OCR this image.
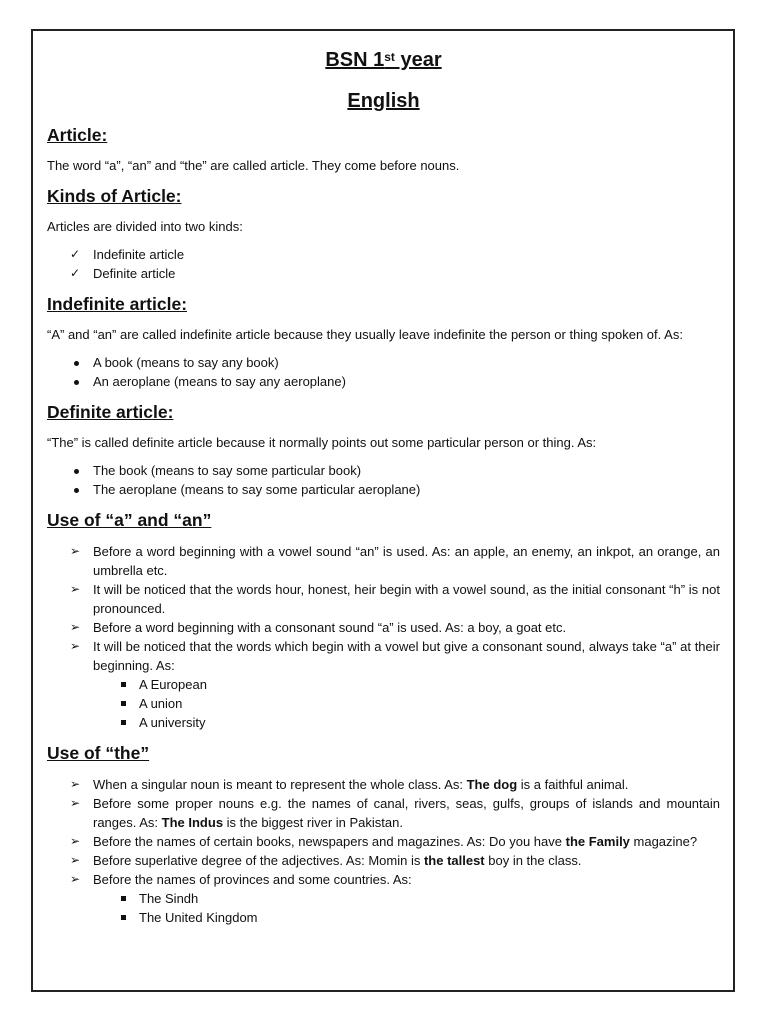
BSN 1st year
English
Article:

The word “a”, “an” and “the” are called article. They come before nouns.

Kinds of Article:

Articles are divided into two kinds:

✓ Indefinite article
✓ Definite article
Indefinite article:

“A” and “an” are called indefinite article because they usually leave indefinite the person or thing spoken of. As:

A book (means to say any book)
An aeroplane (means to say any aeroplane)
Definite article:

“The” is called definite article because it normally points out some particular person or thing. As:

The book (means to say some particular book)
The aeroplane (means to say some particular aeroplane)
Use of “a” and “an”
➢ Before a word beginning with a vowel sound “an” is used. As: an apple, an enemy, an inkpot, an orange, an umbrella etc.
➢ It will be noticed that the words hour, honest, heir begin with a vowel sound, as the initial consonant “h” is not pronounced.
➢ Before a word beginning with a consonant sound “a” is used. As: a boy, a goat etc.
➢ It will be noticed that the words which begin with a vowel but give a consonant sound, always take “a” at their beginning. As:
A European
A union
A university
Use of “the”
➢ When a singular noun is meant to represent the whole class. As: The dog is a faithful animal.
➢ Before some proper nouns e.g. the names of canal, rivers, seas, gulfs, groups of islands and mountain ranges. As: The Indus is the biggest river in Pakistan.
➢ Before the names of certain books, newspapers and magazines. As: Do you have the Family magazine?
➢ Before superlative degree of the adjectives. As: Momin is the tallest boy in the class.
➢ Before the names of provinces and some countries. As:
The Sindh
The United Kingdom
